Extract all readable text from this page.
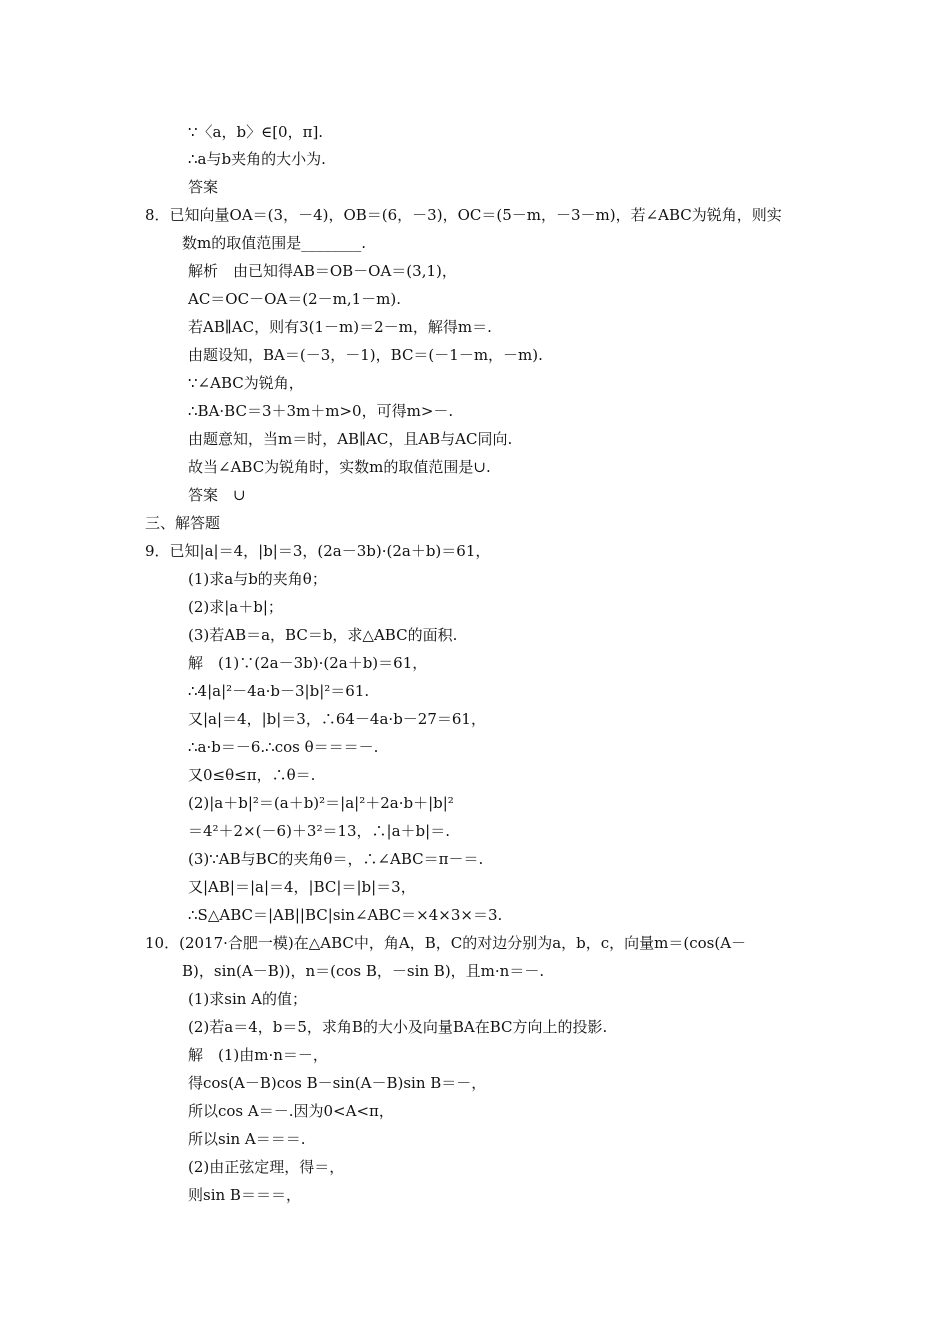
∵〈a，b〉∈[0，π].
∴a与b夹角的大小为.
答案
8．已知向量OA＝(3，－4)，OB＝(6，－3)，OC＝(5－m，－3－m)，若∠ABC为锐角，则实
数m的取值范围是________.
解析　由已知得AB＝OB－OA＝(3,1)，
AC＝OC－OA＝(2－m,1－m).
若AB∥AC，则有3(1－m)＝2－m，解得m＝.
由题设知，BA＝(－3，－1)，BC＝(－1－m，－m).
∵∠ABC为锐角，
∴BA·BC＝3＋3m＋m>0，可得m>－.
由题意知，当m＝时，AB∥AC，且AB与AC同向.
故当∠ABC为锐角时，实数m的取值范围是∪.
答案　∪
三、解答题
9．已知|a|＝4，|b|＝3，(2a－3b)·(2a＋b)＝61，
(1)求a与b的夹角θ；
(2)求|a＋b|；
(3)若AB＝a，BC＝b，求△ABC的面积.
解　(1)∵(2a－3b)·(2a＋b)＝61，
∴4|a|²－4a·b－3|b|²＝61.
又|a|＝4，|b|＝3，∴64－4a·b－27＝61，
∴a·b＝－6.∴cos θ＝＝＝－.
又0≤θ≤π，∴θ＝.
(2)|a＋b|²＝(a＋b)²＝|a|²＋2a·b＋|b|²
＝4²＋2×(－6)＋3²＝13，∴|a＋b|＝.
(3)∵AB与BC的夹角θ＝，∴∠ABC＝π－＝.
又|AB|＝|a|＝4，|BC|＝|b|＝3，
∴S△ABC＝|AB||BC|sin∠ABC＝×4×3×＝3.
10．(2017·合肥一模)在△ABC中，角A，B，C的对边分别为a，b，c，向量m＝(cos(A－
B)，sin(A－B))，n＝(cos B，－sin B)，且m·n＝－.
(1)求sin A的值；
(2)若a＝4，b＝5，求角B的大小及向量BA在BC方向上的投影.
解　(1)由m·n＝－，
得cos(A－B)cos B－sin(A－B)sin B＝－，
所以cos A＝－.因为0<A<π，
所以sin A＝＝＝.
(2)由正弦定理，得＝，
则sin B＝＝＝，
